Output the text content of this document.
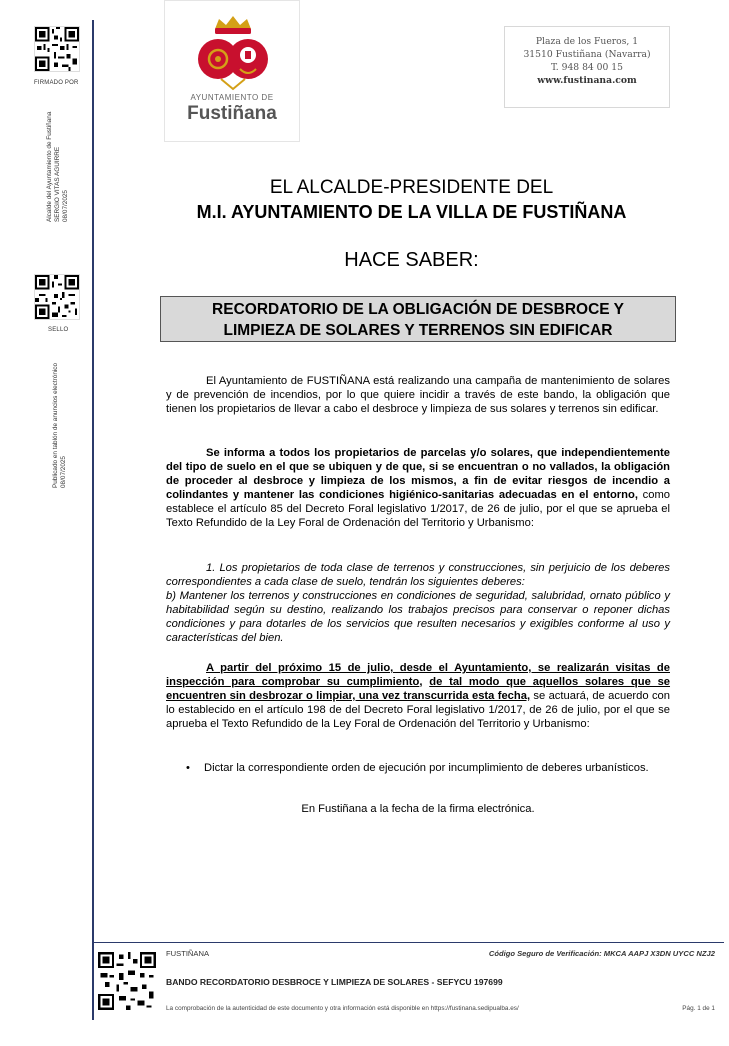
FIRMADO POR
Alcalde del Ayuntamiento de Fustiñana SERGIO VITAS AGUIRRE 08/07/2025
SELLO
Publicado en tablón de anuncios electrónico 08/07/2025
AYUNTAMIENTO DE
Fustiñana
Plaza de los Fueros, 1
31510 Fustiñana (Navarra)
T. 948 84 00 15
www.fustinana.com
EL ALCALDE-PRESIDENTE DEL
M.I. AYUNTAMIENTO DE LA VILLA DE FUSTIÑANA
HACE SABER:
RECORDATORIO DE LA OBLIGACIÓN DE DESBROCE Y
LIMPIEZA DE SOLARES Y TERRENOS SIN EDIFICAR

El Ayuntamiento de FUSTIÑANA está realizando una campaña de mantenimiento de solares y de prevención de incendios, por lo que quiere incidir a través de este bando, la obligación que tienen los propietarios de llevar a cabo el desbroce y limpieza de sus solares y terrenos sin edificar.

Se informa a todos los propietarios de parcelas y/o solares, que independientemente del tipo de suelo en el que se ubiquen y de que, si se encuentran o no vallados, la obligación de proceder al desbroce y limpieza de los mismos, a fin de evitar riesgos de incendio a colindantes y mantener las condiciones higiénico-sanitarias adecuadas en el entorno, como establece el artículo 85 del Decreto Foral legislativo 1/2017, de 26 de julio, por el que se aprueba el Texto Refundido de la Ley Foral de Ordenación del Territorio y Urbanismo:

1. Los propietarios de toda clase de terrenos y construcciones, sin perjuicio de los deberes correspondientes a cada clase de suelo, tendrán los siguientes deberes:
b) Mantener los terrenos y construcciones en condiciones de seguridad, salubridad, ornato público y habitabilidad según su destino, realizando los trabajos precisos para conservar o reponer dichas condiciones y para dotarles de los servicios que resulten necesarios y exigibles conforme al uso y características del bien.

A partir del próximo 15 de julio, desde el Ayuntamiento, se realizarán visitas de inspección para comprobar su cumplimiento, de tal modo que aquellos solares que se encuentren sin desbrozar o limpiar, una vez transcurrida esta fecha, se actuará, de acuerdo con lo establecido en el artículo 198 de del Decreto Foral legislativo 1/2017, de 26 de julio, por el que se aprueba el Texto Refundido de la Ley Foral de Ordenación del Territorio y Urbanismo:

• Dictar la correspondiente orden de ejecución por incumplimiento de deberes urbanísticos.
En Fustiñana a la fecha de la firma electrónica.
FUSTIÑANA	Código Seguro de Verificación: MKCA AAPJ X3DN UYCC NZJ2
BANDO RECORDATORIO DESBROCE Y LIMPIEZA DE SOLARES - SEFYCU 197699
La comprobación de la autenticidad de este documento y otra información está disponible en https://fustinana.sedipualba.es/	Pág. 1 de 1
